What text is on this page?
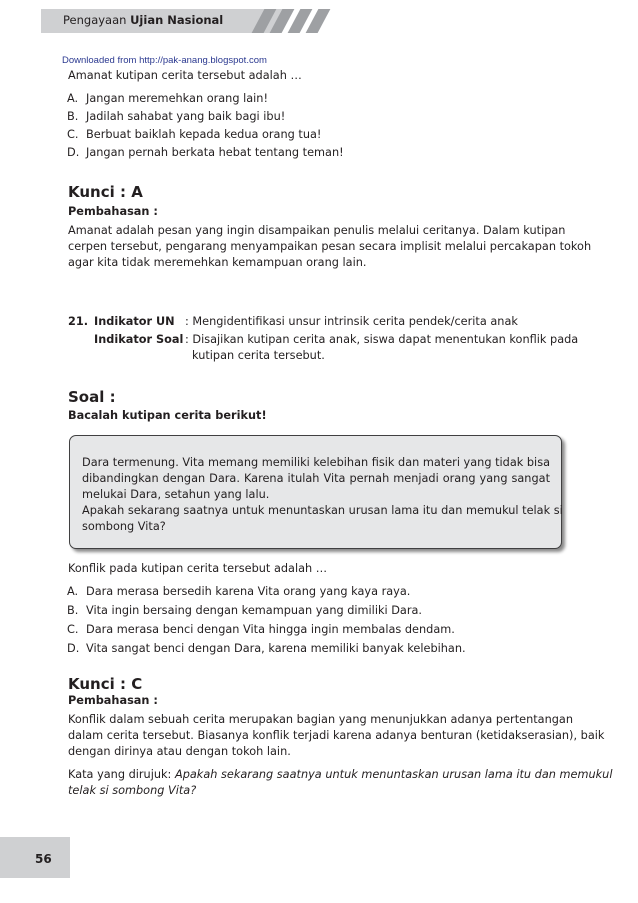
Pengayaan Ujian Nasional
Downloaded from http://pak-anang.blogspot.com
Amanat kutipan cerita tersebut adalah …
A. Jangan meremehkan orang lain!
B. Jadilah sahabat yang baik bagi ibu!
C. Berbuat baiklah kepada kedua orang tua!
D. Jangan pernah berkata hebat tentang teman!
Kunci : A
Pembahasan :
Amanat adalah pesan yang ingin disampaikan penulis melalui ceritanya. Dalam kutipan
cerpen tersebut, pengarang menyampaikan pesan secara implisit melalui percakapan tokoh
agar kita tidak meremehkan kemampuan orang lain.
21. Indikator UN : Mengidentifikasi unsur intrinsik cerita pendek/cerita anak
Indikator Soal : Disajikan kutipan cerita anak, siswa dapat menentukan konflik pada
kutipan cerita tersebut.
Soal :
Bacalah kutipan cerita berikut!
Dara termenung. Vita memang memiliki kelebihan fisik dan materi yang tidak bisa
dibandingkan dengan Dara. Karena itulah Vita pernah menjadi orang yang sangat
melukai Dara, setahun yang lalu.
Apakah sekarang saatnya untuk menuntaskan urusan lama itu dan memukul telak si
sombong Vita?
Konflik pada kutipan cerita tersebut adalah …
A. Dara merasa bersedih karena Vita orang yang kaya raya.
B. Vita ingin bersaing dengan kemampuan yang dimiliki Dara.
C. Dara merasa benci dengan Vita hingga ingin membalas dendam.
D. Vita sangat benci dengan Dara, karena memiliki banyak kelebihan.
Kunci : C
Pembahasan :
Konflik dalam sebuah cerita merupakan bagian yang menunjukkan adanya pertentangan
dalam cerita tersebut. Biasanya konflik terjadi karena adanya benturan (ketidakserasian), baik
dengan dirinya atau dengan tokoh lain.
Kata yang dirujuk: Apakah sekarang saatnya untuk menuntaskan urusan lama itu dan memukul
telak si sombong Vita?
56
